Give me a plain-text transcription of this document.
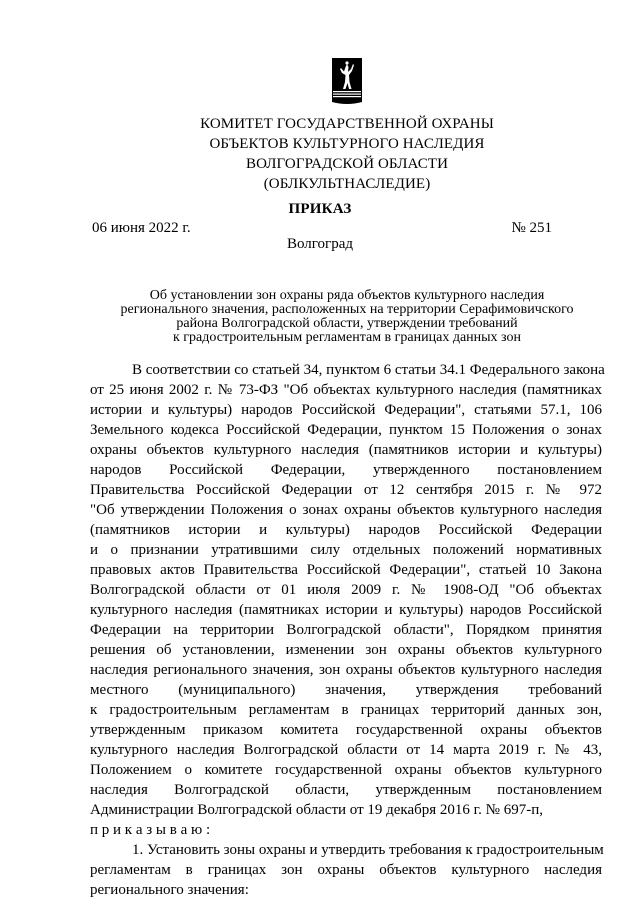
КОМИТЕТ ГОСУДАРСТВЕННОЙ ОХРАНЫ
ОБЪЕКТОВ КУЛЬТУРНОГО НАСЛЕДИЯ
ВОЛГОГРАДСКОЙ ОБЛАСТИ
(ОБЛКУЛЬТНАСЛЕДИЕ)
ПРИКАЗ
06 июня 2022 г.	№ 251
Волгоград
Об установлении зон охраны ряда объектов культурного наследия
регионального значения, расположенных на территории Серафимовичского
района Волгоградской области, утверждении требований
к градостроительным регламентам в границах данных зон
В соответствии со статьей 34, пунктом 6 статьи 34.1 Федерального закона
от 25 июня 2002 г. № 73-ФЗ "Об объектах культурного наследия (памятниках
истории и культуры) народов Российской Федерации", статьями 57.1, 106
Земельного кодекса Российской Федерации, пунктом 15 Положения о зонах
охраны объектов культурного наследия (памятников истории и культуры)
народов Российской Федерации, утвержденного постановлением
Правительства Российской Федерации от 12 сентября 2015 г. № 972
"Об утверждении Положения о зонах охраны объектов культурного наследия
(памятников истории и культуры) народов Российской Федерации
и о признании утратившими силу отдельных положений нормативных
правовых актов Правительства Российской Федерации", статьей 10 Закона
Волгоградской области от 01 июля 2009 г. № 1908-ОД "Об объектах
культурного наследия (памятниках истории и культуры) народов Российской
Федерации на территории Волгоградской области", Порядком принятия
решения об установлении, изменении зон охраны объектов культурного
наследия регионального значения, зон охраны объектов культурного наследия
местного (муниципального) значения, утверждения требований
к градостроительным регламентам в границах территорий данных зон,
утвержденным приказом комитета государственной охраны объектов
культурного наследия Волгоградской области от 14 марта 2019 г. № 43,
Положением о комитете государственной охраны объектов культурного
наследия Волгоградской области, утвержденным постановлением
Администрации Волгоградской области от 19 декабря 2016 г. № 697-п,
п р и к а з ы в а ю :
1. Установить зоны охраны и утвердить требования к градостроительным
регламентам в границах зон охраны объектов культурного наследия
регионального значения:
